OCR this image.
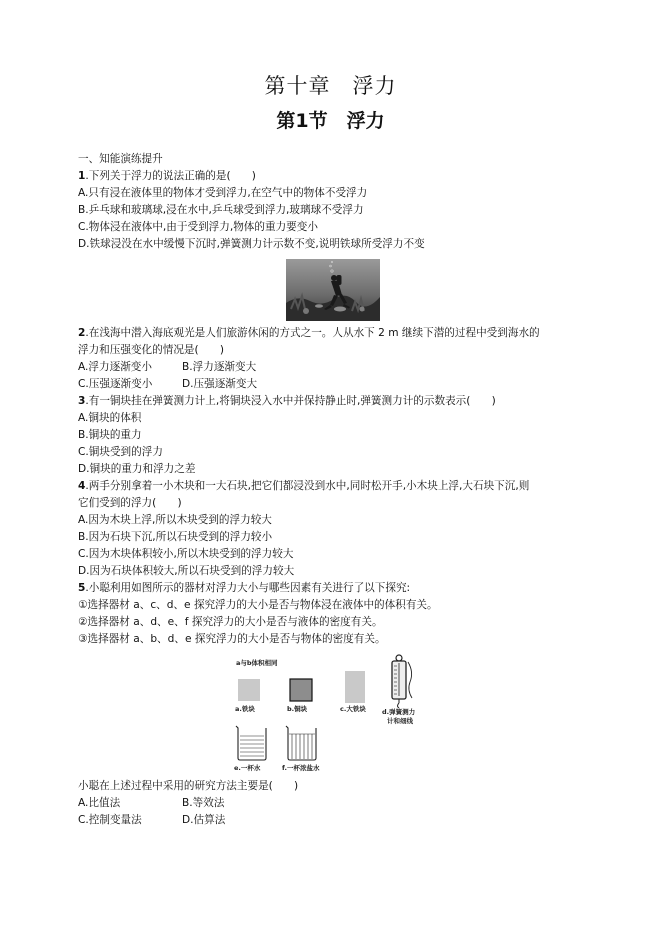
第十章　浮力
第1节　浮力
一、知能演练提升
1.下列关于浮力的说法正确的是(　　)
A.只有浸在液体里的物体才受到浮力,在空气中的物体不受浮力
B.乒乓球和玻璃球,浸在水中,乒乓球受到浮力,玻璃球不受浮力
C.物体浸在液体中,由于受到浮力,物体的重力要变小
D.铁球浸没在水中缓慢下沉时,弹簧测力计示数不变,说明铁球所受浮力不变
2.在浅海中潜入海底观光是人们旅游休闲的方式之一。人从水下 2 m 继续下潜的过程中受到海水的
浮力和压强变化的情况是(　　)
A.浮力逐渐变小	B.浮力逐渐变大
C.压强逐渐变小	D.压强逐渐变大
3.有一铜块挂在弹簧测力计上,将铜块浸入水中并保持静止时,弹簧测力计的示数表示(　　)
A.铜块的体积
B.铜块的重力
C.铜块受到的浮力
D.铜块的重力和浮力之差
4.两手分别拿着一小木块和一大石块,把它们都浸没到水中,同时松开手,小木块上浮,大石块下沉,则
它们受到的浮力(　　)
A.因为木块上浮,所以木块受到的浮力较大
B.因为石块下沉,所以石块受到的浮力较小
C.因为木块体积较小,所以木块受到的浮力较大
D.因为石块体积较大,所以石块受到的浮力较大
5.小聪利用如图所示的器材对浮力大小与哪些因素有关进行了以下探究:
①选择器材 a、c、d、e 探究浮力的大小是否与物体浸在液体中的体积有关。
②选择器材 a、d、e、f 探究浮力的大小是否与液体的密度有关。
③选择器材 a、b、d、e 探究浮力的大小是否与物体的密度有关。
a与b体积相同
a.铁块	b.铜块	c.大铁块 d.弹簧测力
计和细线
e.一杯水	f.一杯浓盐水
小聪在上述过程中采用的研究方法主要是(　　)
A.比值法	B.等效法
C.控制变量法	D.估算法
